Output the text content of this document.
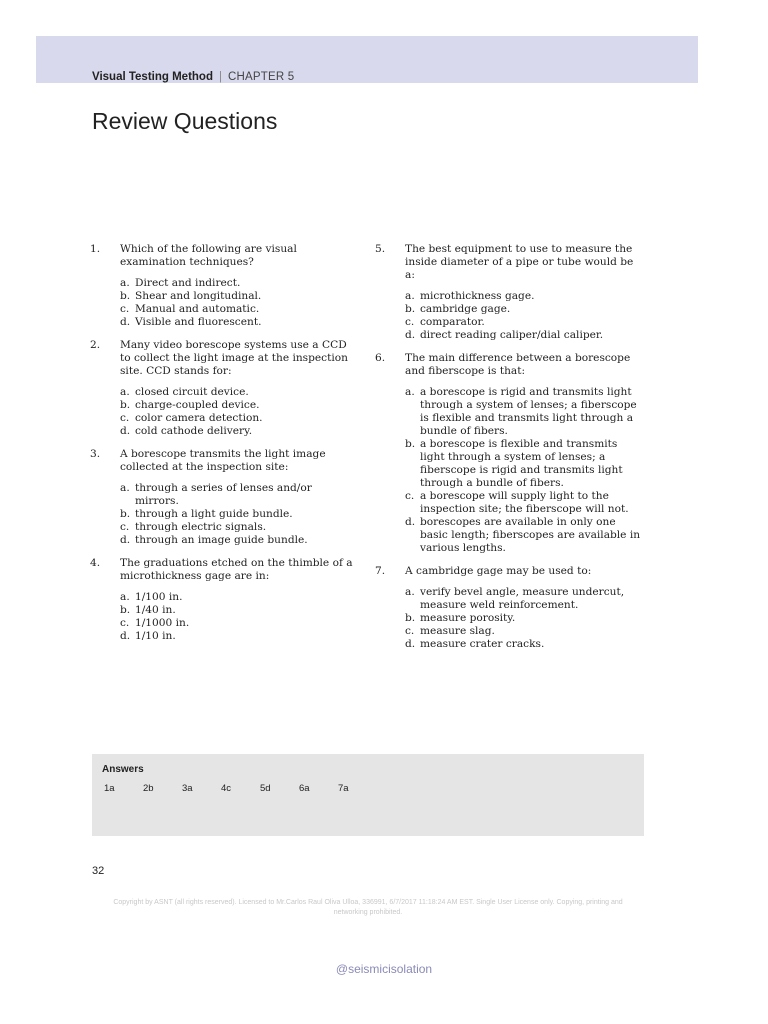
Visual Testing Method | CHAPTER 5
Review Questions
1. Which of the following are visual examination techniques?
a. Direct and indirect.
b. Shear and longitudinal.
c. Manual and automatic.
d. Visible and fluorescent.
2. Many video borescope systems use a CCD to collect the light image at the inspection site. CCD stands for:
a. closed circuit device.
b. charge-coupled device.
c. color camera detection.
d. cold cathode delivery.
3. A borescope transmits the light image collected at the inspection site:
a. through a series of lenses and/or mirrors.
b. through a light guide bundle.
c. through electric signals.
d. through an image guide bundle.
4. The graduations etched on the thimble of a microthickness gage are in:
a. 1/100 in.
b. 1/40 in.
c. 1/1000 in.
d. 1/10 in.
5. The best equipment to use to measure the inside diameter of a pipe or tube would be a:
a. microthickness gage.
b. cambridge gage.
c. comparator.
d. direct reading caliper/dial caliper.
6. The main difference between a borescope and fiberscope is that:
a. a borescope is rigid and transmits light through a system of lenses; a fiberscope is flexible and transmits light through a bundle of fibers.
b. a borescope is flexible and transmits light through a system of lenses; a fiberscope is rigid and transmits light through a bundle of fibers.
c. a borescope will supply light to the inspection site; the fiberscope will not.
d. borescopes are available in only one basic length; fiberscopes are available in various lengths.
7. A cambridge gage may be used to:
a. verify bevel angle, measure undercut, measure weld reinforcement.
b. measure porosity.
c. measure slag.
d. measure crater cracks.
Answers
1a	2b	3a	4c	5d	6a	7a
32
Copyright by ASNT (all rights reserved). Licensed to Mr.Carlos Raul Oliva Ulloa, 336991, 6/7/2017 11:18:24 AM EST. Single User License only. Copying, printing and networking prohibited.
@seismicisolation
